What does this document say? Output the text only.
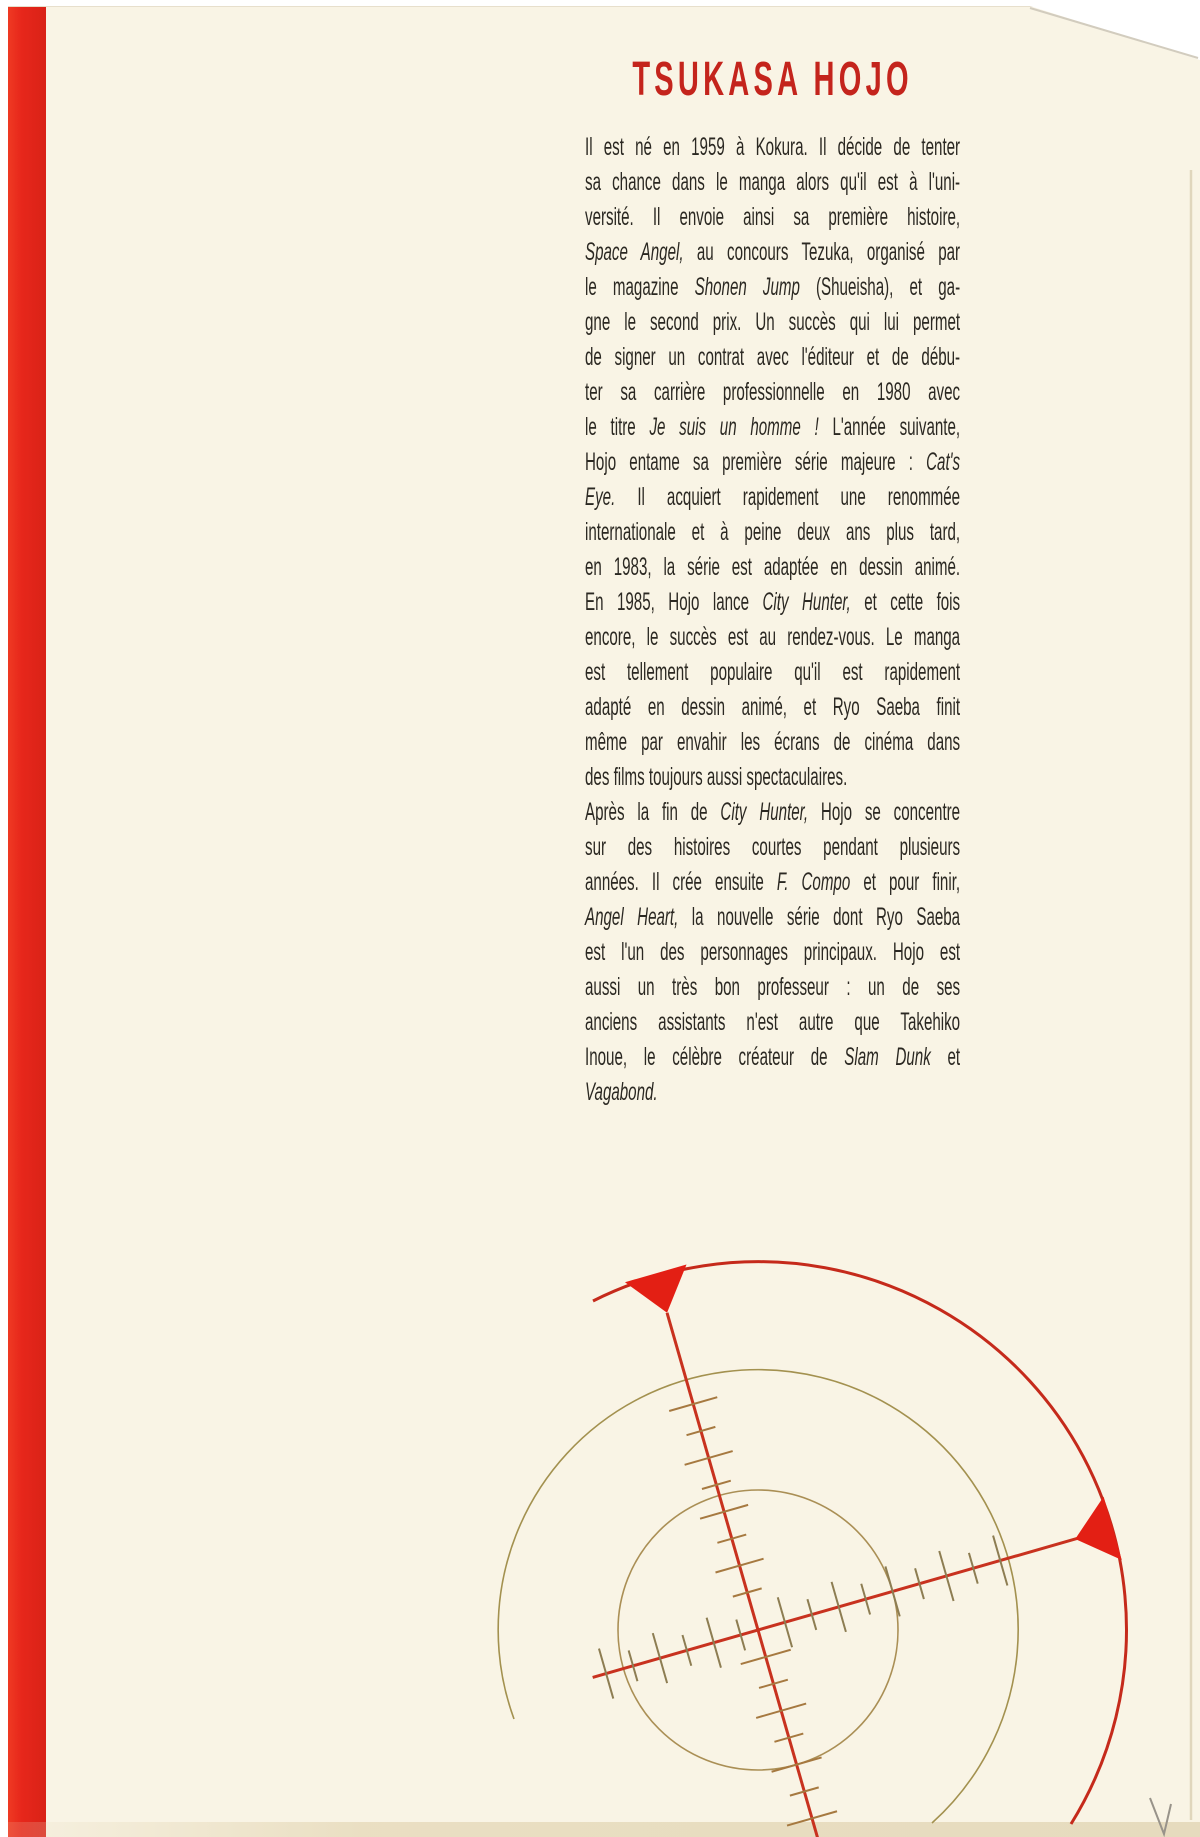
TSUKASA HOJO
Il est né en 1959 à Kokura. Il décide de tenter
sa chance dans le manga alors qu'il est à l'uni-
versité. Il envoie ainsi sa première histoire,
Space Angel, au concours Tezuka, organisé par
le magazine Shonen Jump (Shueisha), et ga-
gne le second prix. Un succès qui lui permet
de signer un contrat avec l'éditeur et de débu-
ter sa carrière professionnelle en 1980 avec
le titre Je suis un homme ! L'année suivante,
Hojo entame sa première série majeure : Cat's
Eye. Il acquiert rapidement une renommée
internationale et à peine deux ans plus tard,
en 1983, la série est adaptée en dessin animé.
En 1985, Hojo lance City Hunter, et cette fois
encore, le succès est au rendez-vous. Le manga
est tellement populaire qu'il est rapidement
adapté en dessin animé, et Ryo Saeba finit
même par envahir les écrans de cinéma dans
des films toujours aussi spectaculaires.
Après la fin de City Hunter, Hojo se concentre
sur des histoires courtes pendant plusieurs
années. Il crée ensuite F. Compo et pour finir,
Angel Heart, la nouvelle série dont Ryo Saeba
est l'un des personnages principaux. Hojo est
aussi un très bon professeur : un de ses
anciens assistants n'est autre que Takehiko
Inoue, le célèbre créateur de Slam Dunk et
Vagabond.
